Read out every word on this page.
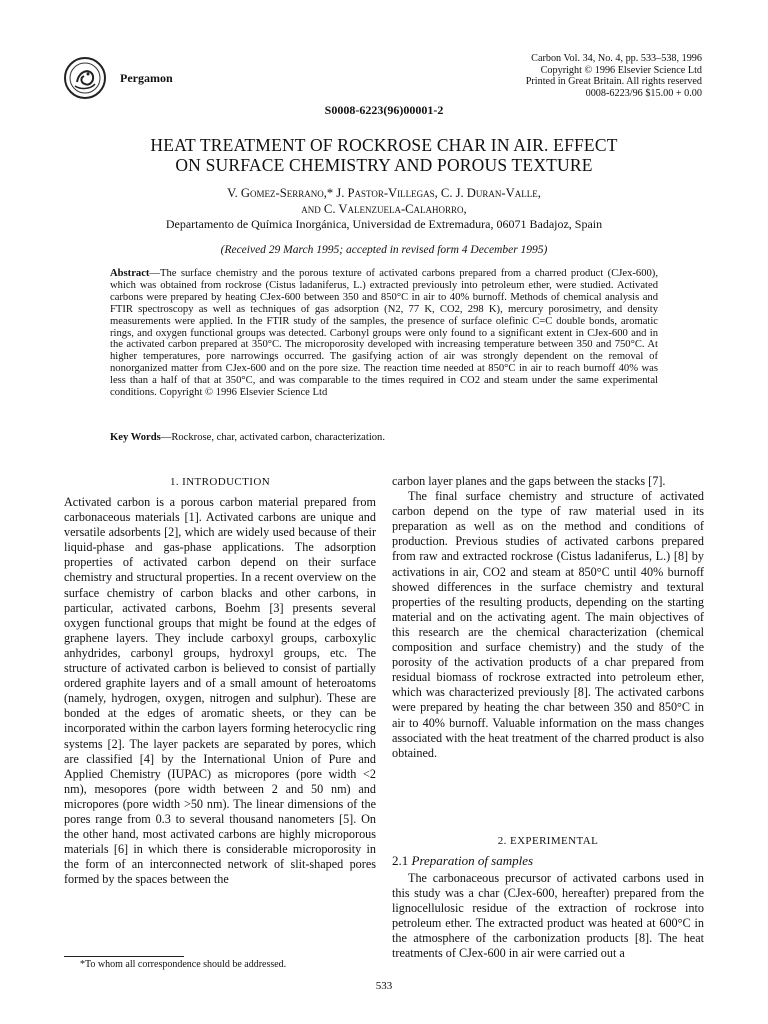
Pergamon
Carbon Vol. 34, No. 4, pp. 533–538, 1996
Copyright © 1996 Elsevier Science Ltd
Printed in Great Britain. All rights reserved
0008-6223/96 $15.00 + 0.00
S0008-6223(96)00001-2
HEAT TREATMENT OF ROCKROSE CHAR IN AIR. EFFECT
ON SURFACE CHEMISTRY AND POROUS TEXTURE
V. Gomez-Serrano,* J. Pastor-Villegas, C. J. Duran-Valle,
and C. Valenzuela-Calahorro,
Departamento de Química Inorgánica, Universidad de Extremadura, 06071 Badajoz, Spain
(Received 29 March 1995; accepted in revised form 4 December 1995)
Abstract—The surface chemistry and the porous texture of activated carbons prepared from a charred product (CJex-600), which was obtained from rockrose (Cistus ladaniferus, L.) extracted previously into petroleum ether, were studied. Activated carbons were prepared by heating CJex-600 between 350 and 850°C in air to 40% burnoff. Methods of chemical analysis and FTIR spectroscopy as well as techniques of gas adsorption (N2, 77 K, CO2, 298 K), mercury porosimetry, and density measurements were applied. In the FTIR study of the samples, the presence of surface olefinic C=C double bonds, aromatic rings, and oxygen functional groups was detected. Carbonyl groups were only found to a significant extent in CJex-600 and in the activated carbon prepared at 350°C. The microporosity developed with increasing temperature between 350 and 750°C. At higher temperatures, pore narrowings occurred. The gasifying action of air was strongly dependent on the removal of nonorganized matter from CJex-600 and on the pore size. The reaction time needed at 850°C in air to reach burnoff 40% was less than a half of that at 350°C, and was comparable to the times required in CO2 and steam under the same experimental conditions. Copyright © 1996 Elsevier Science Ltd
Key Words—Rockrose, char, activated carbon, characterization.
1. INTRODUCTION

Activated carbon is a porous carbon material prepared from carbonaceous materials [1]. Activated carbons are unique and versatile adsorbents [2], which are widely used because of their liquid-phase and gas-phase applications. The adsorption properties of activated carbon depend on their surface chemistry and structural properties. In a recent overview on the surface chemistry of carbon blacks and other carbons, in particular, activated carbons, Boehm [3] presents several oxygen functional groups that might be found at the edges of graphene layers. They include carboxyl groups, carboxylic anhydrides, carbonyl groups, hydroxyl groups, etc. The structure of activated carbon is believed to consist of partially ordered graphite layers and of a small amount of heteroatoms (namely, hydrogen, oxygen, nitrogen and sulphur). These are bonded at the edges of aromatic sheets, or they can be incorporated within the carbon layers forming heterocyclic ring systems [2]. The layer packets are separated by pores, which are classified [4] by the International Union of Pure and Applied Chemistry (IUPAC) as micropores (pore width <2 nm), mesopores (pore width between 2 and 50 nm) and micropores (pore width >50 nm). The linear dimensions of the pores range from 0.3 to several thousand nanometers [5]. On the other hand, most activated carbons are highly microporous materials [6] in which there is considerable microporosity in the form of an interconnected network of slit-shaped pores formed by the spaces between the

carbon layer planes and the gaps between the stacks [7].

The final surface chemistry and structure of activated carbon depend on the type of raw material used in its preparation as well as on the method and conditions of production. Previous studies of activated carbons prepared from raw and extracted rockrose (Cistus ladaniferus, L.) [8] by activations in air, CO2 and steam at 850°C until 40% burnoff showed differences in the surface chemistry and textural properties of the resulting products, depending on the starting material and on the activating agent. The main objectives of this research are the chemical characterization (chemical composition and surface chemistry) and the study of the porosity of the activation products of a char prepared from residual biomass of rockrose extracted into petroleum ether, which was characterized previously [8]. The activated carbons were prepared by heating the char between 350 and 850°C in air to 40% burnoff. Valuable information on the mass changes associated with the heat treatment of the charred product is also obtained.

2. EXPERIMENTAL
2.1 Preparation of samples

The carbonaceous precursor of activated carbons used in this study was a char (CJex-600, hereafter) prepared from the lignocellulosic residue of the extraction of rockrose into petroleum ether. The extracted product was heated at 600°C in the atmosphere of the carbonization products [8]. The heat treatments of CJex-600 in air were carried out a

*To whom all correspondence should be addressed.
533
